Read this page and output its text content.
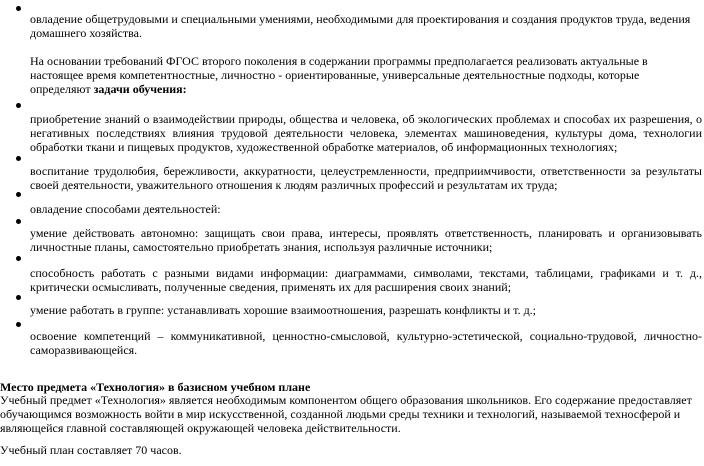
овладение общетрудовыми и специальными умениями, необходимыми для проектирования и создания продуктов труда, ведения домашнего хозяйства.

На основании требований ФГОС второго поколения в содержании программы предполагается реализовать актуальные в настоящее время компетентностные, личностно - ориентированные, универсальные деятельностные подходы, которые определяют задачи обучения:

приобретение знаний о взаимодействии природы, общества и человека, об экологических проблемах и способах их разрешения, о негативных последствиях влияния трудовой деятельности человека, элементах машиноведения, культуры дома, технологии обработки ткани и пищевых продуктов, художественной обработке материалов, об информационных технологиях;

воспитание трудолюбия, бережливости, аккуратности, целеустремленности, предприимчивости, ответственности за результаты своей деятельности, уважительного отношения к людям различных профессий и результатам их труда;

овладение способами деятельностей:

умение действовать автономно: защищать свои права, интересы, проявлять ответственность, планировать и организовывать личностные планы, самостоятельно приобретать знания, используя различные источники;

способность работать с разными видами информации: диаграммами, символами, текстами, таблицами, графиками и т. д., критически осмысливать, полученные сведения, применять их для расширения своих знаний;

умение работать в группе: устанавливать хорошие взаимоотношения, разрешать конфликты и т. д.;

освоение компетенций – коммуникативной, ценностно-смысловой, культурно-эстетической, социально-трудовой, личностно-саморазвивающейся.

Место предмета «Технология» в базисном учебном плане

Учебный предмет «Технология» является необходимым компонентом общего образования школьников. Его содержание предоставляет обучающимся возможность войти в мир искусственной, созданной людьми среды техники и технологий, называемой техносферой и являющейся главной составляющей окружающей человека действительности.

Учебный план составляет 70 часов.
